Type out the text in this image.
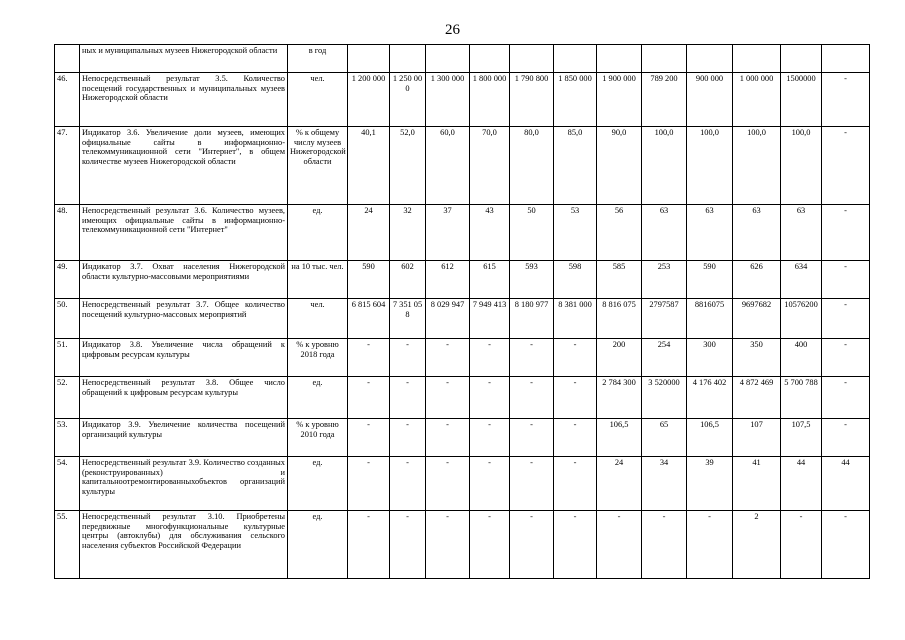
26
	ных и муниципальных музеев Нижегородской области	в год												
46.	Непосредственный результат 3.5. Количество посещений государственных и муниципальных музеев Нижегородской области	чел.	1 200 000	1 250 000	1 300 000	1 800 000	1 790 800	1 850 000	1 900 000	789 200	900 000	1 000 000	1500000	-
47.	Индикатор 3.6. Увеличение доли музеев, имеющих официальные сайты в информационно-телекоммуникационной сети "Интернет", в общем количестве музеев Нижегородской области	% к общему числу музеев Нижегородской области	40,1	52,0	60,0	70,0	80,0	85,0	90,0	100,0	100,0	100,0	100,0	-
48.	Непосредственный результат 3.6. Количество музеев, имеющих официальные сайты в информационно-телекоммуникационной сети "Интернет"	ед.	24	32	37	43	50	53	56	63	63	63	63	-
49.	Индикатор 3.7. Охват населения Нижегородской области культурно-массовыми мероприятиями	на 10 тыс. чел.	590	602	612	615	593	598	585	253	590	626	634	-
50.	Непосредственный результат 3.7. Общее количество посещений культурно-массовых мероприятий	чел.	6 815 604	7 351 058	8 029 947	7 949 413	8 180 977	8 381 000	8 816 075	2797587	8816075	9697682	10576200	-
51.	Индикатор 3.8. Увеличение числа обращений к цифровым ресурсам культуры	% к уровню 2018 года	-	-	-	-	-	-	200	254	300	350	400	-
52.	Непосредственный результат 3.8. Общее число обращений к цифровым ресурсам культуры	ед.	-	-	-	-	-	-	2 784 300	3 520000	4 176 402	4 872 469	5 700 788	-
53.	Индикатор 3.9. Увеличение количества посещений организаций культуры	% к уровню 2010 года	-	-	-	-	-	-	106,5	65	106,5	107	107,5	-
54.	Непосредственный результат 3.9. Количество созданных (реконструированных) и капитальноотремонтированныхобъектов организаций культуры	ед.	-	-	-	-	-	-	24	34	39	41	44	44
55.	Непосредственный результат 3.10. Приобретены передвижные многофункциональные культурные центры (автоклубы) для обслуживания сельского населения субъектов Российской Федерации	ед.	-	-	-	-	-	-	-	-	-	2	-	-
